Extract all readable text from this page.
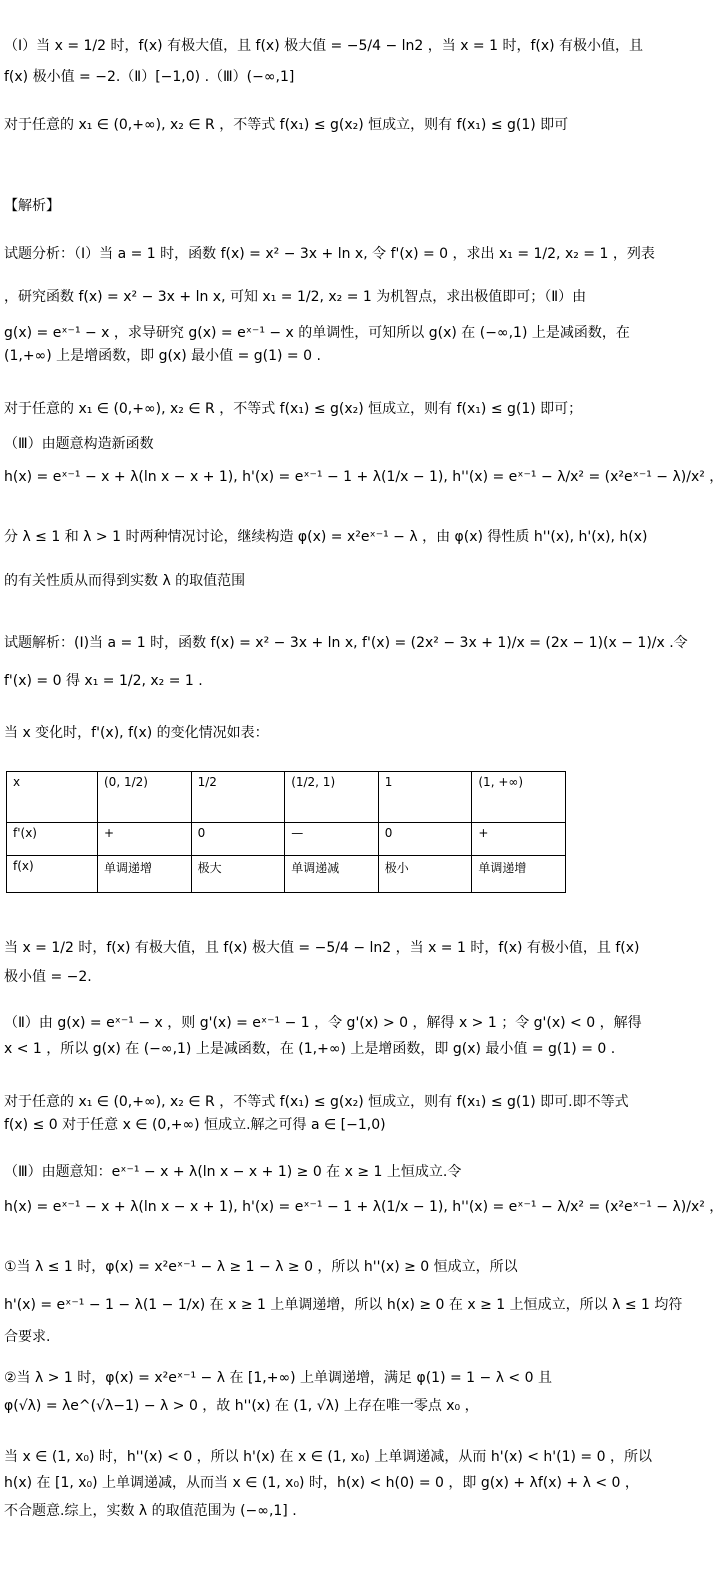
（Ⅰ）当 x = 1/2 时，f(x) 有极大值，且 f(x) 极大值 = −5/4 − ln2 ，当 x = 1 时，f(x) 有极小值，且
f(x) 极小值 = −2.（Ⅱ）[−1,0) .（Ⅲ）(−∞,1]
对于任意的 x₁ ∈ (0,+∞), x₂ ∈ R ，不等式 f(x₁) ≤ g(x₂) 恒成立，则有 f(x₁) ≤ g(1) 即可
【解析】
试题分析：（Ⅰ）当 a = 1 时，函数 f(x) = x² − 3x + ln x, 令 f'(x) = 0 ，求出 x₁ = 1/2, x₂ = 1 ，列表
，研究函数 f(x) = x² − 3x + ln x, 可知 x₁ = 1/2, x₂ = 1 为机智点，求出极值即可；（Ⅱ）由
g(x) = eˣ⁻¹ − x ，求导研究 g(x) = eˣ⁻¹ − x 的单调性，可知所以 g(x) 在 (−∞,1) 上是减函数，在
(1,+∞) 上是增函数，即 g(x) 最小值 = g(1) = 0 .
对于任意的 x₁ ∈ (0,+∞), x₂ ∈ R ，不等式 f(x₁) ≤ g(x₂) 恒成立，则有 f(x₁) ≤ g(1) 即可；
（Ⅲ）由题意构造新函数
h(x) = eˣ⁻¹ − x + λ(ln x − x + 1), h'(x) = eˣ⁻¹ − 1 + λ(1/x − 1), h''(x) = eˣ⁻¹ − λ/x² = (x²eˣ⁻¹ − λ)/x² ，
分 λ ≤ 1 和 λ > 1 时两种情况讨论，继续构造 φ(x) = x²eˣ⁻¹ − λ ，由 φ(x) 得性质 h''(x), h'(x), h(x)
的有关性质从而得到实数 λ 的取值范围
试题解析：(Ⅰ)当 a = 1 时，函数 f(x) = x² − 3x + ln x, f'(x) = (2x² − 3x + 1)/x = (2x − 1)(x − 1)/x .令
f'(x) = 0 得 x₁ = 1/2, x₂ = 1 .
当 x 变化时，f'(x), f(x) 的变化情况如表：
x	(0, 1/2)	1/2	(1/2, 1)	1	(1, +∞)
f'(x)	+	0	—	0	+
f(x)	单调递增	极大	单调递减	极小	单调递增
当 x = 1/2 时，f(x) 有极大值，且 f(x) 极大值 = −5/4 − ln2 ，当 x = 1 时，f(x) 有极小值，且 f(x)
极小值 = −2.
（Ⅱ）由 g(x) = eˣ⁻¹ − x ，则 g'(x) = eˣ⁻¹ − 1 ，令 g'(x) > 0 ，解得 x > 1 ；令 g'(x) < 0 ，解得
x < 1 ，所以 g(x) 在 (−∞,1) 上是减函数，在 (1,+∞) 上是增函数，即 g(x) 最小值 = g(1) = 0 .
对于任意的 x₁ ∈ (0,+∞), x₂ ∈ R ，不等式 f(x₁) ≤ g(x₂) 恒成立，则有 f(x₁) ≤ g(1) 即可.即不等式
f(x) ≤ 0 对于任意 x ∈ (0,+∞) 恒成立.解之可得 a ∈ [−1,0)
（Ⅲ）由题意知：eˣ⁻¹ − x + λ(ln x − x + 1) ≥ 0 在 x ≥ 1 上恒成立.令
h(x) = eˣ⁻¹ − x + λ(ln x − x + 1), h'(x) = eˣ⁻¹ − 1 + λ(1/x − 1), h''(x) = eˣ⁻¹ − λ/x² = (x²eˣ⁻¹ − λ)/x² ，
①当 λ ≤ 1 时，φ(x) = x²eˣ⁻¹ − λ ≥ 1 − λ ≥ 0 ，所以 h''(x) ≥ 0 恒成立，所以
h'(x) = eˣ⁻¹ − 1 − λ(1 − 1/x) 在 x ≥ 1 上单调递增，所以 h(x) ≥ 0 在 x ≥ 1 上恒成立，所以 λ ≤ 1 均符
合要求.
②当 λ > 1 时，φ(x) = x²eˣ⁻¹ − λ 在 [1,+∞) 上单调递增，满足 φ(1) = 1 − λ < 0 且
φ(√λ) = λe^(√λ−1) − λ > 0 ，故 h''(x) 在 (1, √λ) 上存在唯一零点 x₀ ，
当 x ∈ (1, x₀) 时，h''(x) < 0 ，所以 h'(x) 在 x ∈ (1, x₀) 上单调递减，从而 h'(x) < h'(1) = 0 ，所以
h(x) 在 [1, x₀) 上单调递减，从而当 x ∈ (1, x₀) 时，h(x) < h(0) = 0 ，即 g(x) + λf(x) + λ < 0 ，
不合题意.综上，实数 λ 的取值范围为 (−∞,1] .
